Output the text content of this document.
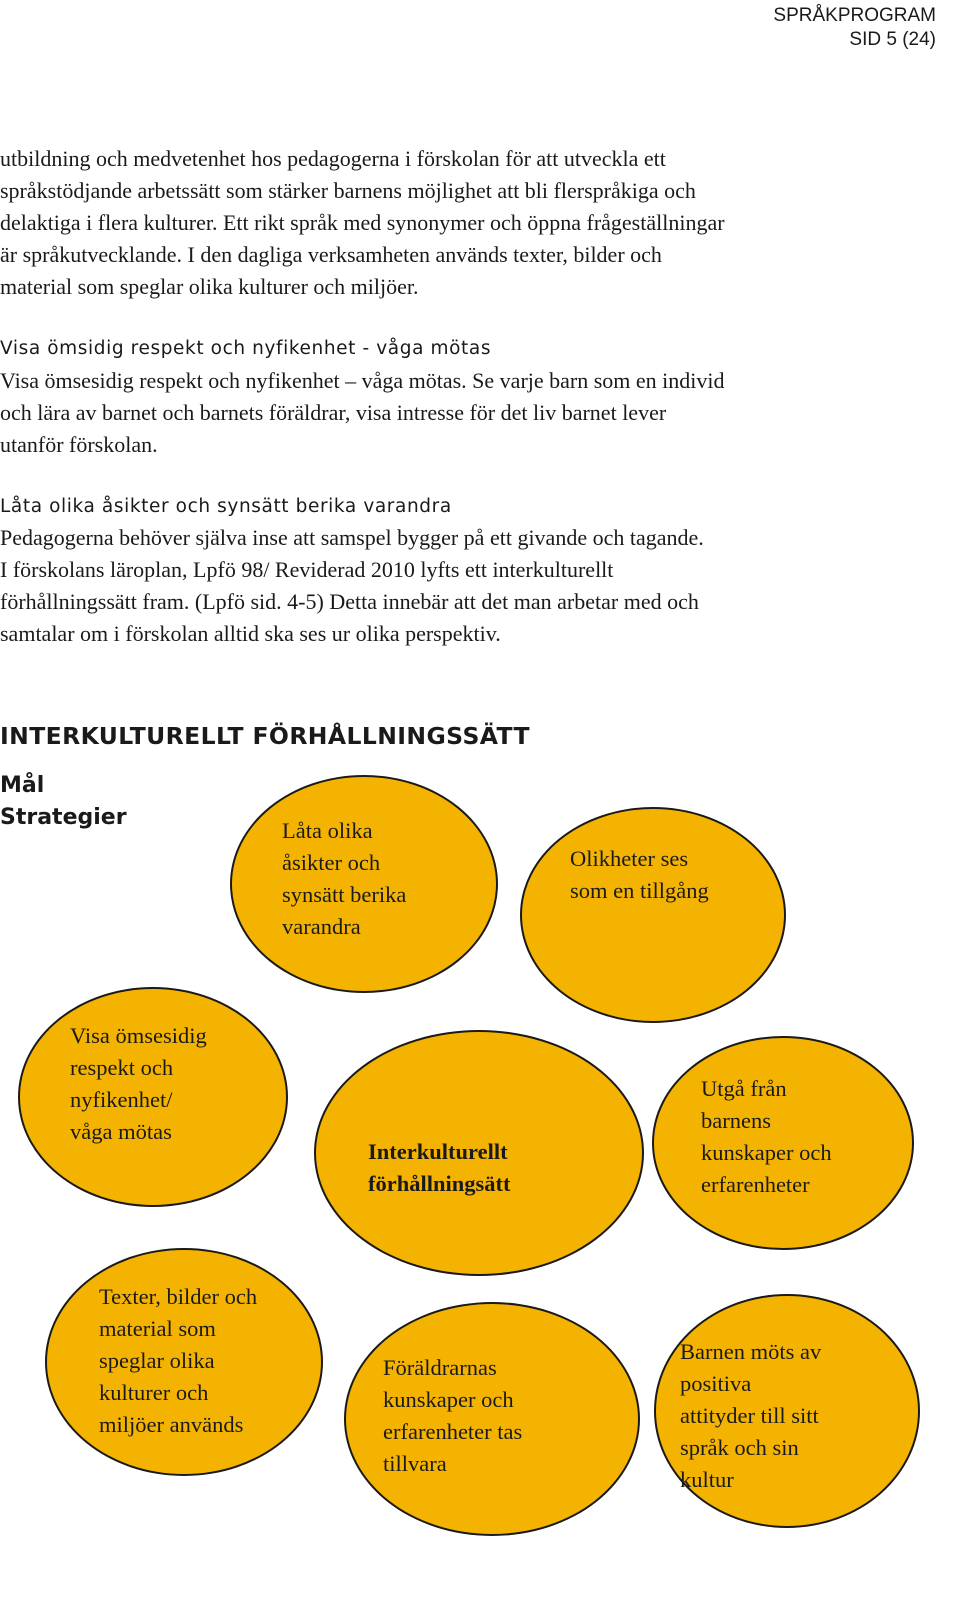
SPRÅKPROGRAM
SID 5 (24)
utbildning och medvetenhet hos pedagogerna i förskolan för att utveckla ett
språkstödjande arbetssätt som stärker barnens möjlighet att bli flerspråkiga och
delaktiga i flera kulturer. Ett rikt språk med synonymer och öppna frågeställningar
är språkutvecklande. I den dagliga verksamheten används texter, bilder och
material som speglar olika kulturer och miljöer.
Visa ömsidig respekt och nyfikenhet - våga mötas
Visa ömsesidig respekt och nyfikenhet – våga mötas. Se varje barn som en individ
och lära av barnet och barnets föräldrar, visa intresse för det liv barnet lever
utanför förskolan.
Låta olika åsikter och synsätt berika varandra
Pedagogerna behöver själva inse att samspel bygger på ett givande och tagande.
I förskolans läroplan, Lpfö 98/ Reviderad 2010 lyfts ett interkulturellt
förhållningssätt fram. (Lpfö sid. 4-5) Detta innebär att det man arbetar med och
samtalar om i förskolan alltid ska ses ur olika perspektiv.
INTERKULTURELLT FÖRHÅLLNINGSSÄTT
Mål
Strategier
Låta olika
åsikter och
synsätt berika
varandra
Olikheter ses
som en tillgång
Visa ömsesidig
respekt och
nyfikenhet/
våga mötas
Interkulturellt
förhållningsätt
Utgå från
barnens
kunskaper och
erfarenheter
Texter, bilder och
material som
speglar olika
kulturer och
miljöer används
Föräldrarnas
kunskaper och
erfarenheter tas
tillvara
Barnen möts av
positiva
attityder till sitt
språk och sin
kultur
